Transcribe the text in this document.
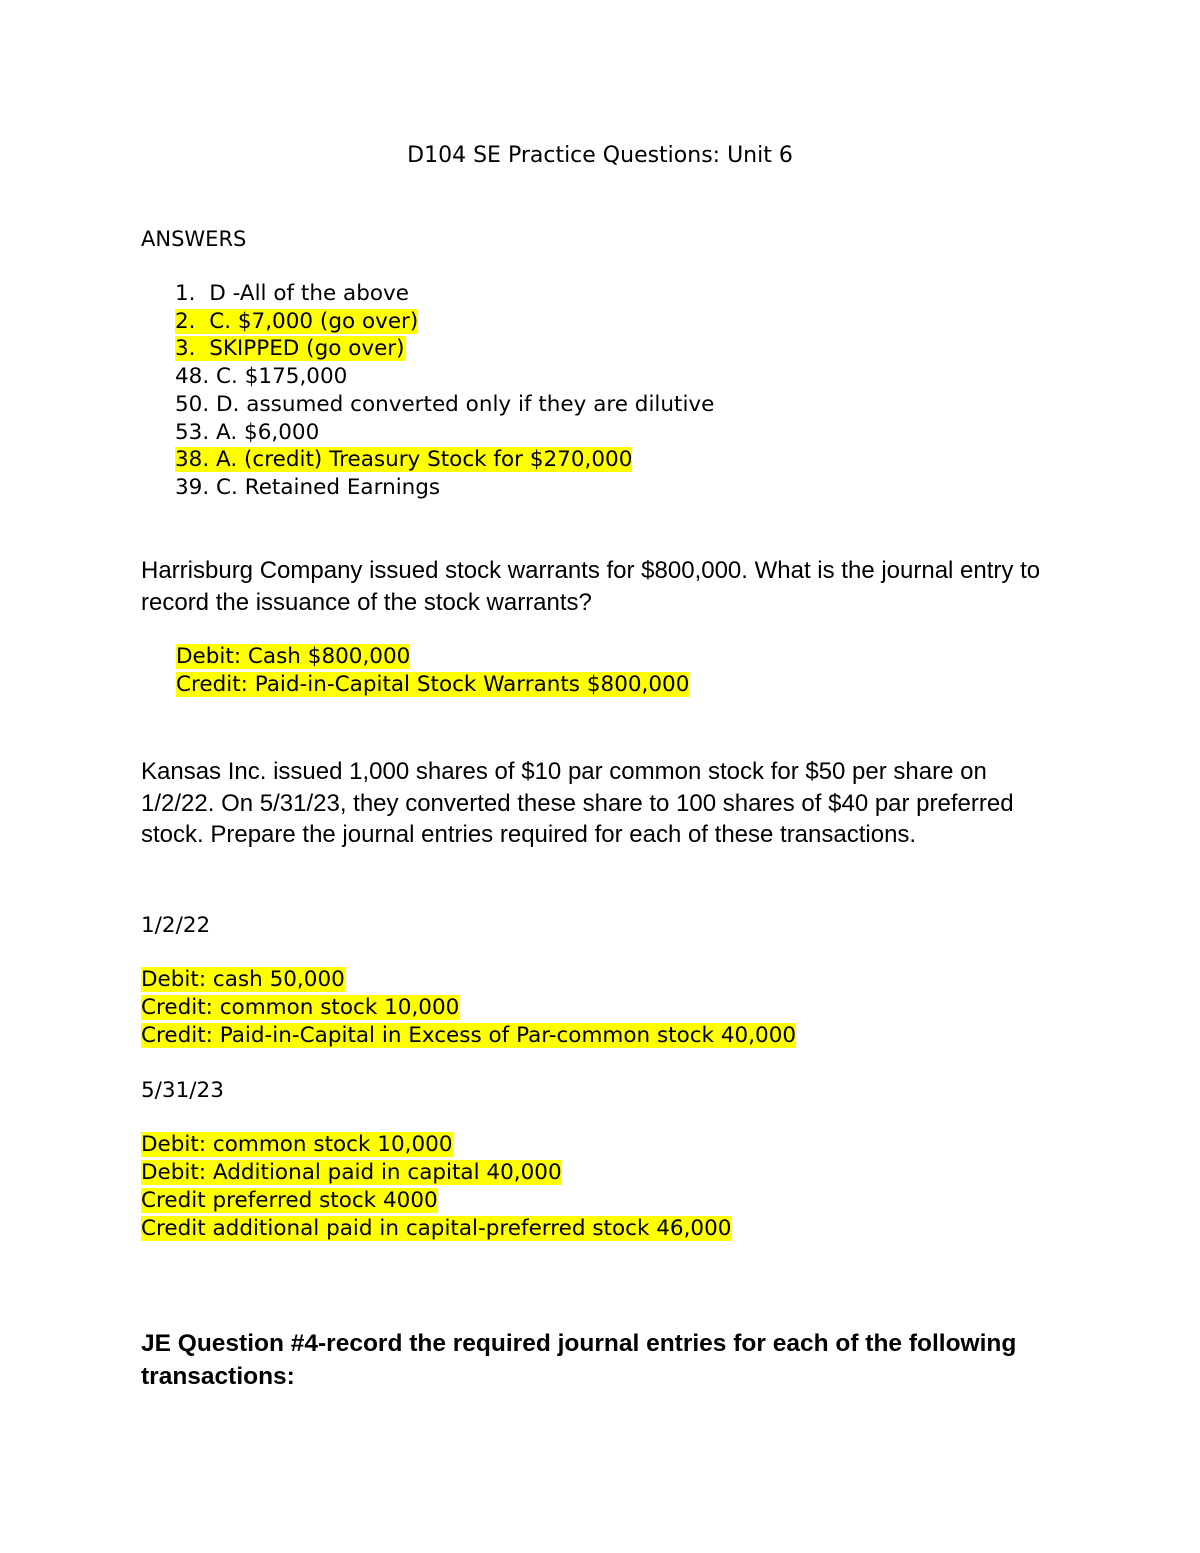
D104 SE Practice Questions: Unit 6
ANSWERS
1. D -All of the above
2. C. $7,000 (go over)
3. SKIPPED (go over)
48. C. $175,000
50. D. assumed converted only if they are dilutive
53. A. $6,000
38. A. (credit) Treasury Stock for $270,000
39. C. Retained Earnings
Harrisburg Company issued stock warrants for $800,000. What is the journal entry to record the issuance of the stock warrants?
Debit: Cash $800,000
Credit: Paid-in-Capital Stock Warrants $800,000
Kansas Inc. issued 1,000 shares of $10 par common stock for $50 per share on 1/2/22. On 5/31/23, they converted these share to 100 shares of $40 par preferred stock. Prepare the journal entries required for each of these transactions.
1/2/22
Debit: cash 50,000
Credit: common stock 10,000
Credit: Paid-in-Capital in Excess of Par-common stock 40,000
5/31/23
Debit: common stock 10,000
Debit: Additional paid in capital 40,000
Credit preferred stock 4000
Credit additional paid in capital-preferred stock 46,000
JE Question #4-record the required journal entries for each of the following transactions:
